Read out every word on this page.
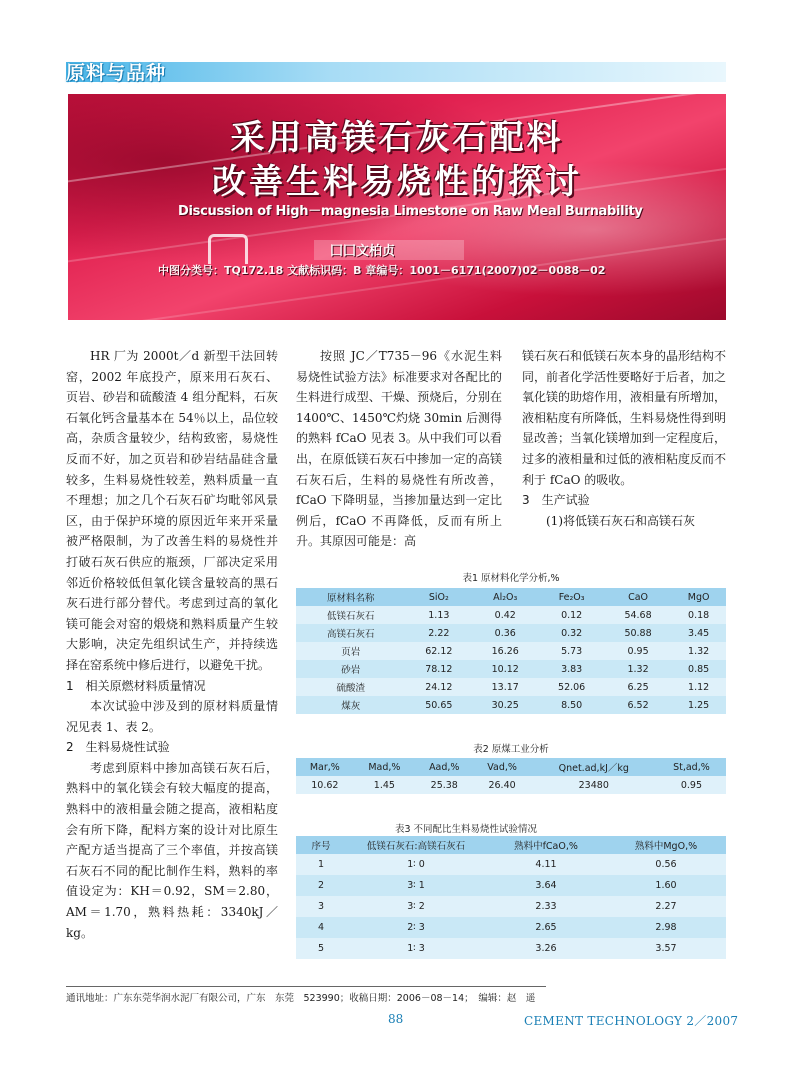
原料与品种
采用高镁石灰石配料
改善生料易烧性的探讨
Discussion of High－magnesia Limestone on Raw Meal Burnability
囗囗文柏贞
中图分类号：TQ172.18 文献标识码：B 章编号：1001－6171(2007)02－0088－02

HR 厂为 2000t／d 新型干法回转窑，2002 年底投产，原来用石灰石、页岩、砂岩和硫酸渣 4 组分配料，石灰石氧化钙含量基本在 54％以上，品位较高，杂质含量较少，结构致密，易烧性反而不好，加之页岩和砂岩结晶硅含量较多，生料易烧性较差，熟料质量一直不理想；加之几个石灰石矿均毗邻风景区，由于保护环境的原因近年来开采量被严格限制，为了改善生料的易烧性并打破石灰石供应的瓶颈，厂部决定采用邻近价格较低但氧化镁含量较高的黑石灰石进行部分替代。考虑到过高的氧化镁可能会对窑的煅烧和熟料质量产生较大影响，决定先组织试生产，并持续选择在窑系统中修后进行，以避免干扰。

1　相关原燃材料质量情况

本次试验中涉及到的原材料质量情况见表 1、表 2。

2　生料易烧性试验

考虑到原料中掺加高镁石灰石后，熟料中的氧化镁会有较大幅度的提高，熟料中的液相量会随之提高，液相粘度会有所下降，配料方案的设计对比原生产配方适当提高了三个率值，并按高镁石灰石不同的配比制作生料，熟料的率值设定为：KH＝0.92，SM＝2.80，AM＝1.70，熟料热耗：3340kJ／kg。

按照 JC／T735－96《水泥生料易烧性试验方法》标准要求对各配比的生料进行成型、干燥、预烧后，分别在 1400℃、1450℃灼烧 30min 后测得的熟料 fCaO 见表 3。从中我们可以看出，在原低镁石灰石中掺加一定的高镁石灰石后，生料的易烧性有所改善，fCaO 下降明显，当掺加量达到一定比例后，fCaO 不再降低，反而有所上升。其原因可能是：高

镁石灰石和低镁石灰本身的晶形结构不同，前者化学活性要略好于后者，加之氧化镁的助熔作用，液相量有所增加，液相粘度有所降低，生料易烧性得到明显改善；当氧化镁增加到一定程度后，过多的液相量和过低的液相粘度反而不利于 fCaO 的吸收。

3　生产试验

(1)将低镁石灰石和高镁石灰

表1 原材料化学分析,%
原材料名称	SiO₂	Al₂O₃	Fe₂O₃	CaO	MgO
低镁石灰石	1.13	0.42	0.12	54.68	0.18
高镁石灰石	2.22	0.36	0.32	50.88	3.45
页岩	62.12	16.26	5.73	0.95	1.32
砂岩	78.12	10.12	3.83	1.32	0.85
硫酸渣	24.12	13.17	52.06	6.25	1.12
煤灰	50.65	30.25	8.50	6.52	1.25
表2 原煤工业分析
Mar,%	Mad,%	Aad,%	Vad,%	Qnet.ad,kJ／kg	St,ad,%
10.62	1.45	25.38	26.40	23480	0.95
表3 不同配比生料易烧性试验情况
序号	低镁石灰石:高镁石灰石	熟料中fCaO,%	熟料中MgO,%
1	1∶ 0	4.11	0.56
2	3∶ 1	3.64	1.60
3	3∶ 2	2.33	2.27
4	2∶ 3	2.65	2.98
5	1∶ 3	3.26	3.57
通讯地址：广东东莞华润水泥厂有限公司，广东　东莞　523990；收稿日期：2006－08－14；　编辑：赵　遥
88	CEMENT TECHNOLOGY 2／2007
